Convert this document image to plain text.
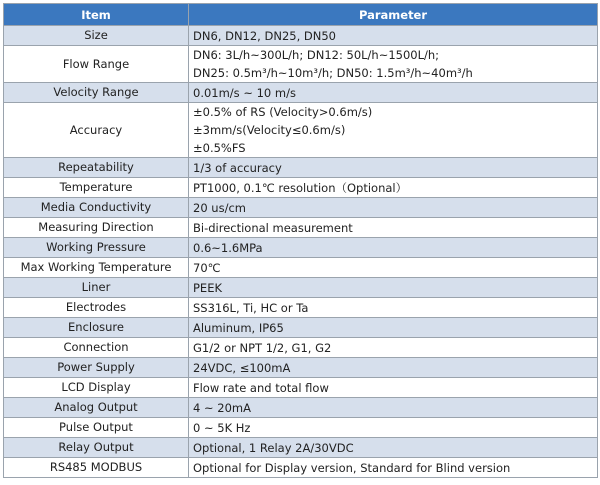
Item	Parameter
Size	DN6, DN12, DN25, DN50

Flow Range	DN6: 3L/h~300L/h; DN12: 50L/h~1500L/h;
DN25: 0.5m³/h~10m³/h; DN50: 1.5m³/h~40m³/h

Velocity Range	0.01m/s ~ 10 m/s

Accuracy	±0.5% of RS (Velocity>0.6m/s)
±3mm/s(Velocity≤0.6m/s)
±0.5%FS

Repeatability	1/3 of accuracy

Temperature	PT1000, 0.1℃ resolution（Optional）

Media Conductivity	20 us/cm

Measuring Direction	Bi-directional measurement

Working Pressure	0.6~1.6MPa

Max Working Temperature	70℃

Liner	PEEK

Electrodes	SS316L, Ti, HC or Ta

Enclosure	Aluminum, IP65

Connection	G1/2 or NPT 1/2, G1, G2

Power Supply	24VDC, ≤100mA

LCD Display	Flow rate and total flow

Analog Output	4 ~ 20mA

Pulse Output	0 ~ 5K Hz

Relay Output	Optional, 1 Relay 2A/30VDC

RS485 MODBUS	Optional for Display version, Standard for Blind version
